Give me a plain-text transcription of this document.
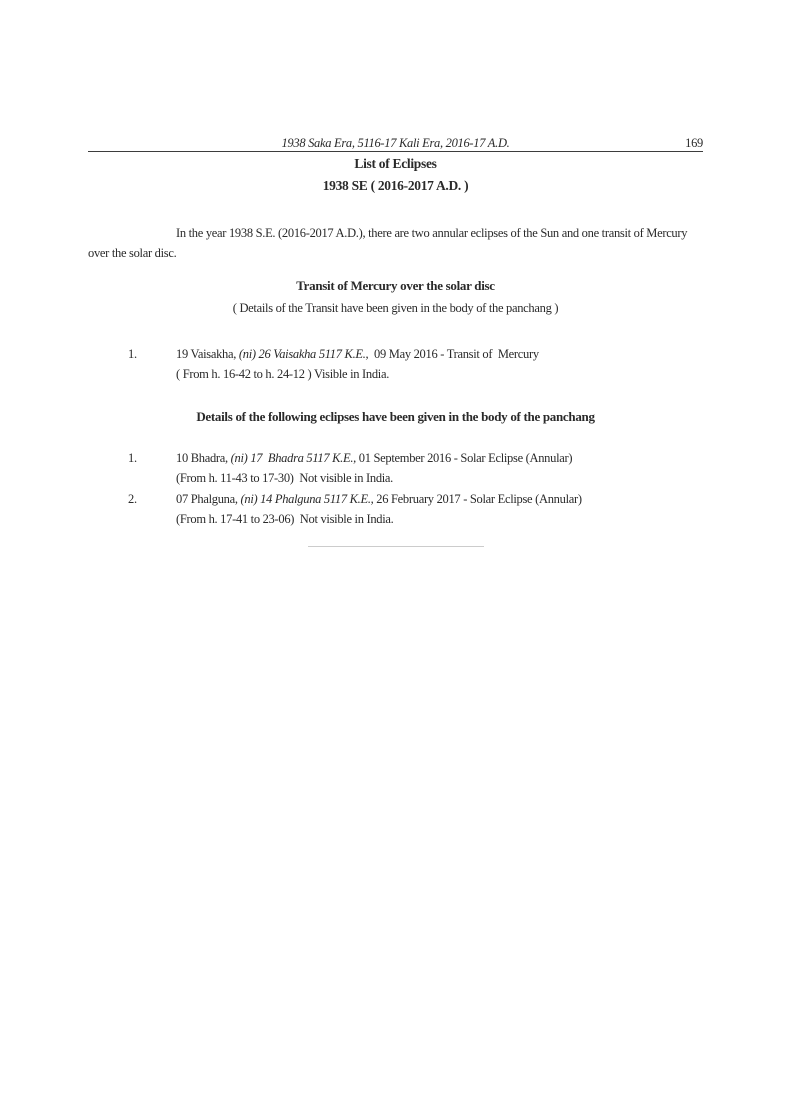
1938 Saka Era, 5116-17 Kali Era, 2016-17 A.D.	169
List of Eclipses
1938 SE ( 2016-2017 A.D. )

In the year 1938 S.E. (2016-2017 A.D.), there are two annular eclipses of the Sun and one transit of Mercury
over the solar disc.

Transit of Mercury over the solar disc
( Details of the Transit have been given in the body of the panchang )
1.	19 Vaisakha, (ni) 26 Vaisakha 5117 K.E.,  09 May 2016 - Transit of  Mercury
( From h. 16-42 to h. 24-12 ) Visible in India.
Details of the following eclipses have been given in the body of the panchang
1.	10 Bhadra, (ni) 17  Bhadra 5117 K.E., 01 September 2016 - Solar Eclipse (Annular)
(From h. 11-43 to 17-30)  Not visible in India.
2.	07 Phalguna, (ni) 14 Phalguna 5117 K.E., 26 February 2017 - Solar Eclipse (Annular)
(From h. 17-41 to 23-06)  Not visible in India.
